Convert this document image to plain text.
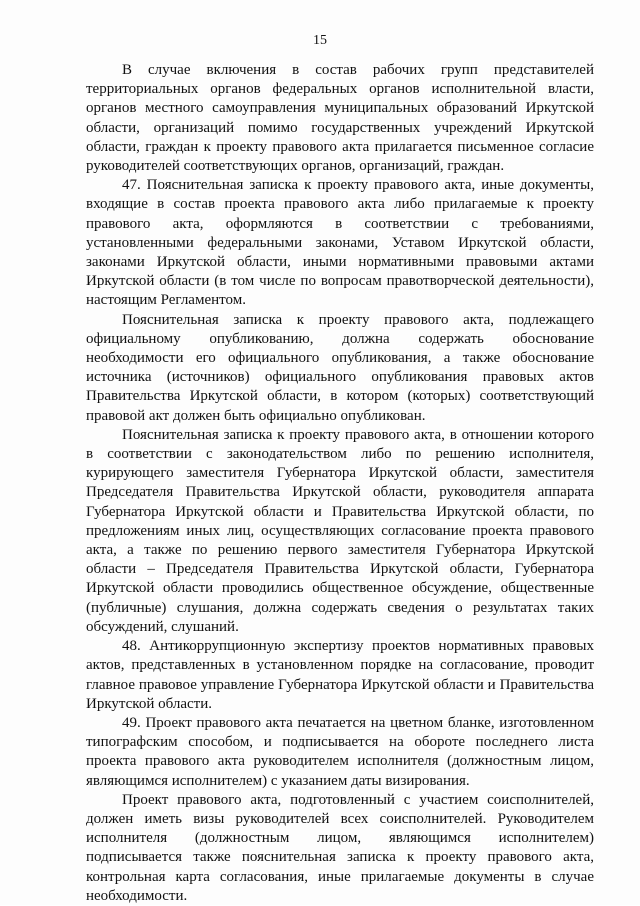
15

В случае включения в состав рабочих групп представителей территориальных органов федеральных органов исполнительной власти, органов местного самоуправления муниципальных образований Иркутской области, организаций помимо государственных учреждений Иркутской области, граждан к проекту правового акта прилагается письменное согласие руководителей соответствующих органов, организаций, граждан.

47. Пояснительная записка к проекту правового акта, иные документы, входящие в состав проекта правового акта либо прилагаемые к проекту правового акта, оформляются в соответствии с требованиями, установленными федеральными законами, Уставом Иркутской области, законами Иркутской области, иными нормативными правовыми актами Иркутской области (в том числе по вопросам правотворческой деятельности), настоящим Регламентом.

Пояснительная записка к проекту правового акта, подлежащего официальному опубликованию, должна содержать обоснование необходимости его официального опубликования, а также обоснование источника (источников) официального опубликования правовых актов Правительства Иркутской области, в котором (которых) соответствующий правовой акт должен быть официально опубликован.

Пояснительная записка к проекту правового акта, в отношении которого в соответствии с законодательством либо по решению исполнителя, курирующего заместителя Губернатора Иркутской области, заместителя Председателя Правительства Иркутской области, руководителя аппарата Губернатора Иркутской области и Правительства Иркутской области, по предложениям иных лиц, осуществляющих согласование проекта правового акта, а также по решению первого заместителя Губернатора Иркутской области – Председателя Правительства Иркутской области, Губернатора Иркутской области проводились общественное обсуждение, общественные (публичные) слушания, должна содержать сведения о результатах таких обсуждений, слушаний.

48. Антикоррупционную экспертизу проектов нормативных правовых актов, представленных в установленном порядке на согласование, проводит главное правовое управление Губернатора Иркутской области и Правительства Иркутской области.

49. Проект правового акта печатается на цветном бланке, изготовленном типографским способом, и подписывается на обороте последнего листа проекта правового акта руководителем исполнителя (должностным лицом, являющимся исполнителем) с указанием даты визирования.

Проект правового акта, подготовленный с участием соисполнителей, должен иметь визы руководителей всех соисполнителей. Руководителем исполнителя (должностным лицом, являющимся исполнителем) подписывается также пояснительная записка к проекту правового акта, контрольная карта согласования, иные прилагаемые документы в случае необходимости.
